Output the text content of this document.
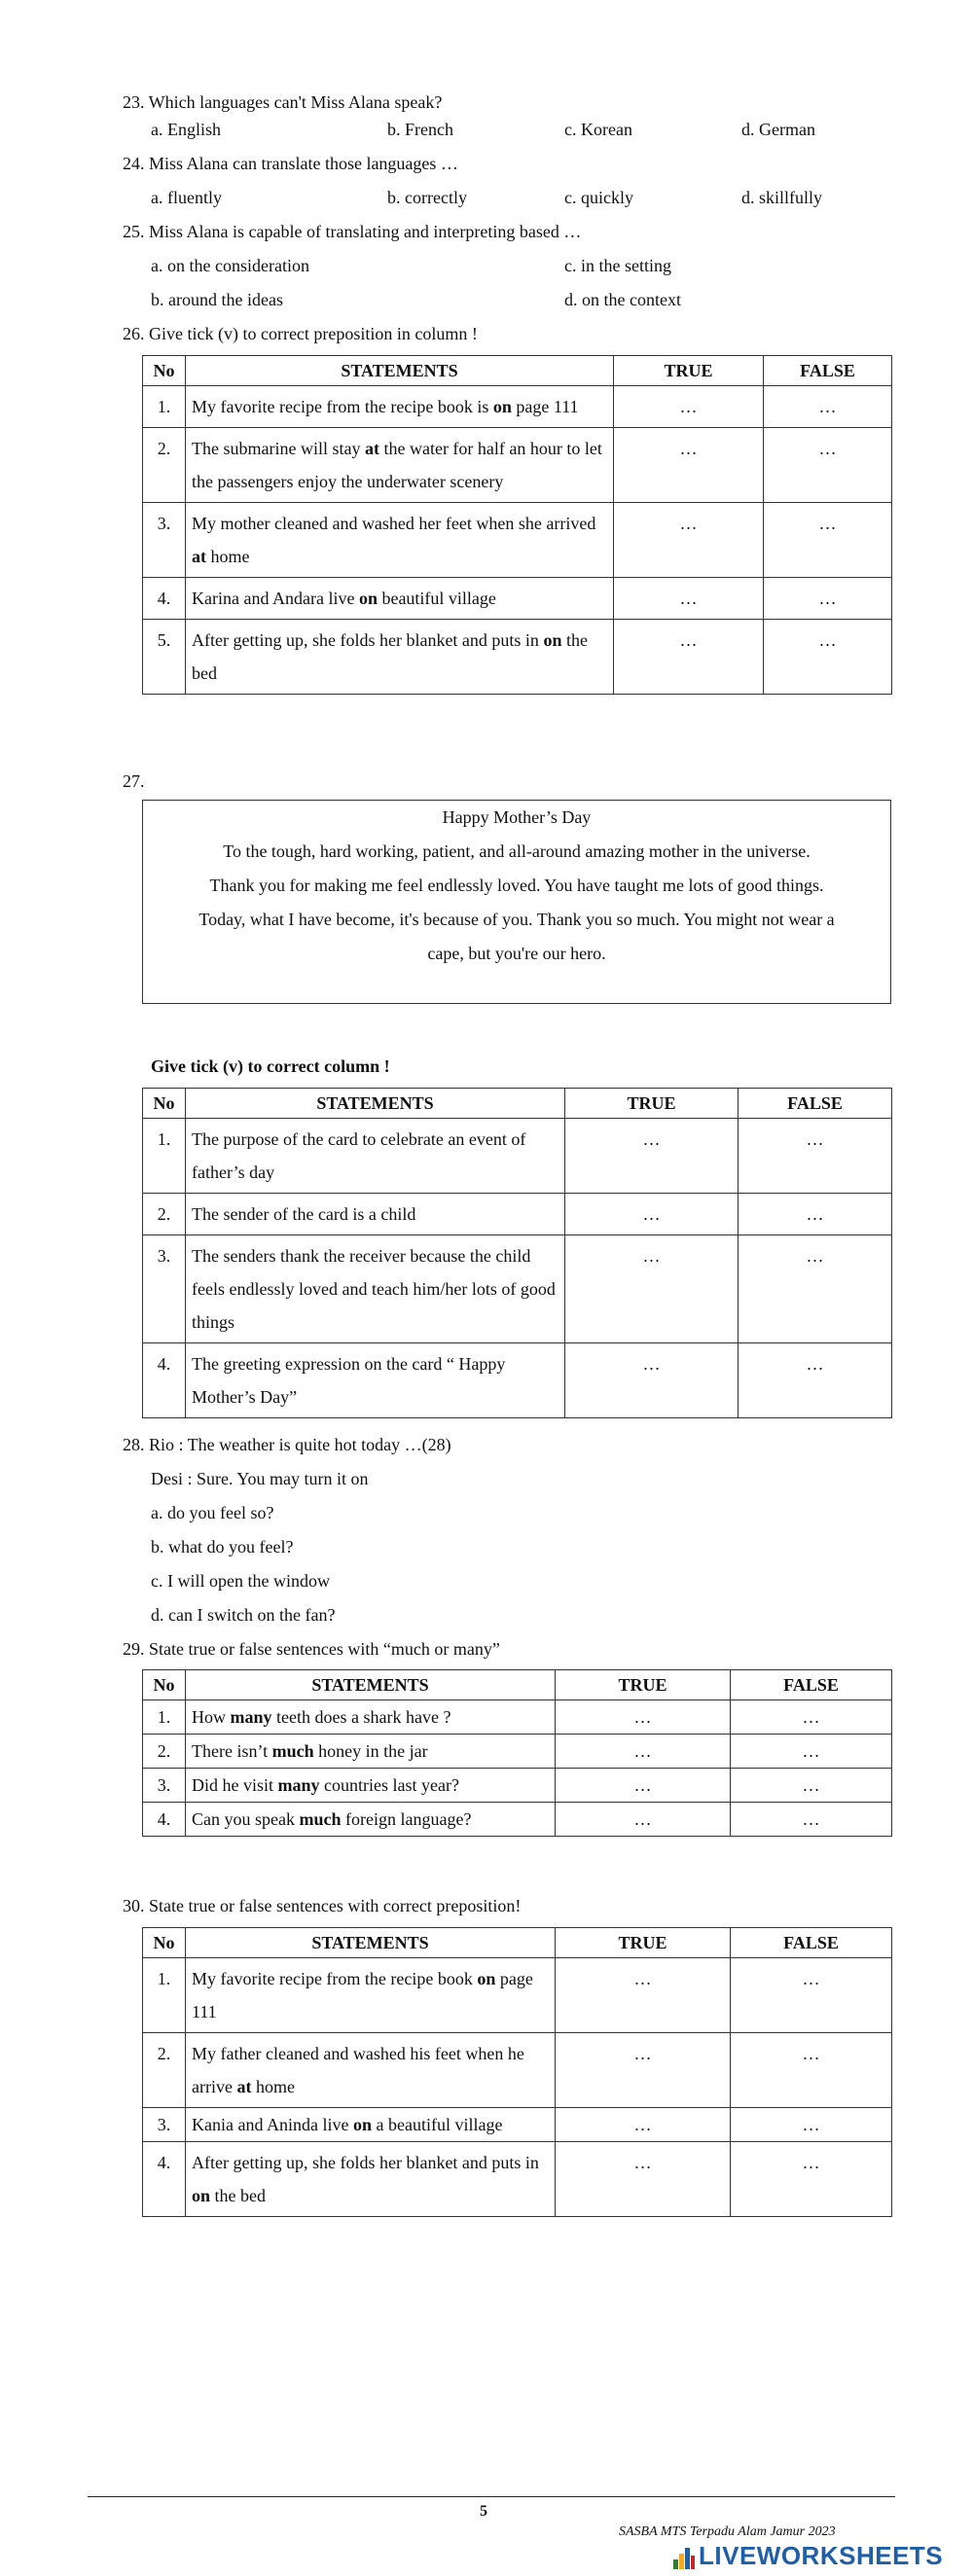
23. Which languages can't Miss Alana speak?
a. English	b. French	c. Korean	d. German
24. Miss Alana can translate those languages …
a. fluently	b. correctly	c. quickly	d. skillfully
25. Miss Alana is capable of translating and interpreting based …
a. on the consideration	c. in the setting
b. around the ideas	d. on the context
26. Give tick (v) to correct preposition in column !
No	STATEMENTS	TRUE	FALSE
1.	My favorite recipe from the recipe book is on page 111	…	…
2.	The submarine will stay at the water for half an hour to let the passengers enjoy the underwater scenery	…	…
3.	My mother cleaned and washed her feet when she arrived at home	…	…
4.	Karina and Andara live on beautiful village	…	…
5.	After getting up, she folds her blanket and puts in on the bed	…	…
27.
Happy Mother’s Day
To the tough, hard working, patient, and all-around amazing mother in the universe.
Thank you for making me feel endlessly loved. You have taught me lots of good things.
Today, what I have become, it's because of you. Thank you so much. You might not wear a
cape, but you're our hero.
Give tick (v) to correct column !
No	STATEMENTS	TRUE	FALSE
1.	The purpose of the card to celebrate an event of father’s day	…	…
2.	The sender of the card is a child	…	…
3.	The senders thank the receiver because the child feels endlessly loved and teach him/her lots of good things	…	…
4.	The greeting expression on the card “ Happy Mother’s Day”	…	…
28. Rio : The weather is quite hot today …(28)
Desi : Sure. You may turn it on
a. do you feel so?
b. what do you feel?
c. I will open the window
d. can I switch on the fan?
29. State true or false sentences with “much or many”
No	STATEMENTS	TRUE	FALSE
1.	How many teeth does a shark have ?	…	…
2.	There isn’t much honey in the jar	…	…
3.	Did he visit many countries last year?	…	…
4.	Can you speak much foreign language?	…	…
30. State true or false sentences with correct preposition!
No	STATEMENTS	TRUE	FALSE
1.	My favorite recipe from the recipe book on page 111	…	…
2.	My father cleaned and washed his feet when he arrive at home	…	…
3.	Kania and Aninda live on a beautiful village	…	…
4.	After getting up, she folds her blanket and puts in on the bed	…	…
5
SASBA MTS Terpadu Alam Jamur 2023
LIVEWORKSHEETS
